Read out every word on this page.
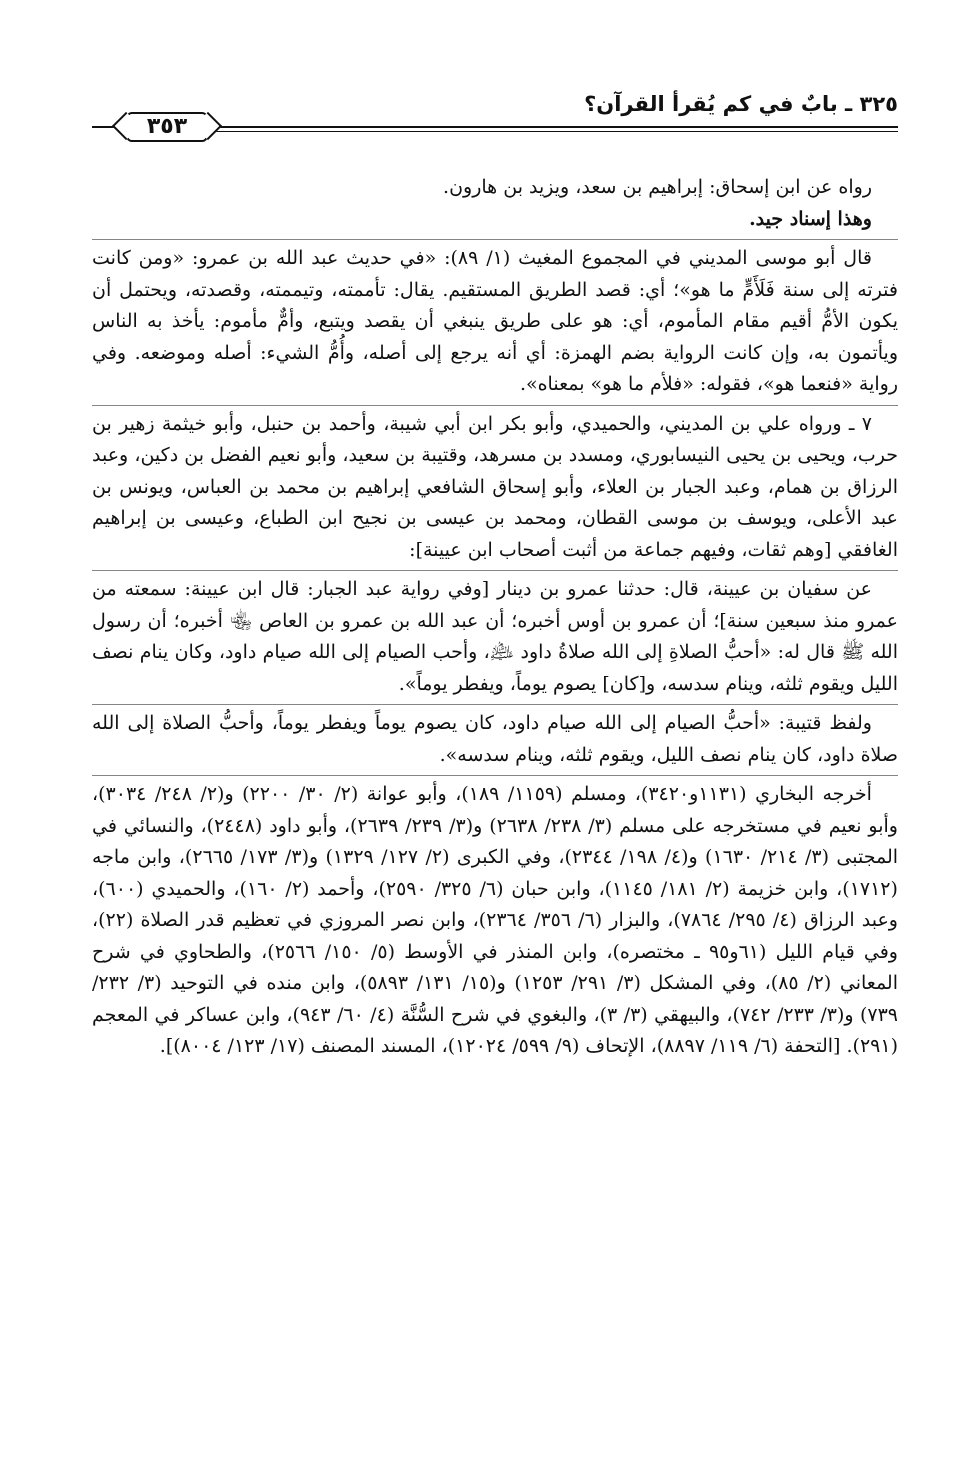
٣٢٥ ـ بابٌ في كم يُقرأ القرآن؟
٣٥٣

رواه عن ابن إسحاق: إبراهيم بن سعد، ويزيد بن هارون.

وهذا إسناد جيد.

قال أبو موسى المديني في المجموع المغيث (١/ ٨٩): «في حديث عبد الله بن عمرو: «ومن كانت فترته إلى سنة فَلَأَمٍّ ما هو»؛ أي: قصد الطريق المستقيم. يقال: تأممته، وتيممته، وقصدته، ويحتمل أن يكون الأمُّ أقيم مقام المأموم، أي: هو على طريق ينبغي أن يقصد ويتبع، وأمٌّ مأموم: يأخذ به الناس ويأتمون به، وإن كانت الرواية بضم الهمزة: أي أنه يرجع إلى أصله، وأُمُّ الشيء: أصله وموضعه. وفي رواية «فنعما هو»، فقوله: «فلأم ما هو» بمعناه».

٧ ـ ورواه علي بن المديني، والحميدي، وأبو بكر ابن أبي شيبة، وأحمد بن حنبل، وأبو خيثمة زهير بن حرب، ويحيى بن يحيى النيسابوري، ومسدد بن مسرهد، وقتيبة بن سعيد، وأبو نعيم الفضل بن دكين، وعبد الرزاق بن همام، وعبد الجبار بن العلاء، وأبو إسحاق الشافعي إبراهيم بن محمد بن العباس، ويونس بن عبد الأعلى، ويوسف بن موسى القطان، ومحمد بن عيسى بن نجيح ابن الطباع، وعيسى بن إبراهيم الغافقي [وهم ثقات، وفيهم جماعة من أثبت أصحاب ابن عيينة]:

عن سفيان بن عيينة، قال: حدثنا عمرو بن دينار [وفي رواية عبد الجبار: قال ابن عيينة: سمعته من عمرو منذ سبعين سنة]؛ أن عمرو بن أوس أخبره؛ أن عبد الله بن عمرو بن العاص ﵄ أخبره؛ أن رسول الله ﷺ قال له: «أحبُّ الصلاةِ إلى الله صلاةُ داود ﵇، وأحب الصيام إلى الله صيام داود، وكان ينام نصف الليل ويقوم ثلثه، وينام سدسه، و[كان] يصوم يوماً، ويفطر يوماً».

ولفظ قتيبة: «أحبُّ الصيام إلى الله صيام داود، كان يصوم يوماً ويفطر يوماً، وأحبُّ الصلاة إلى الله صلاة داود، كان ينام نصف الليل، ويقوم ثلثه، وينام سدسه».

أخرجه البخاري (١١٣١و٣٤٢٠)، ومسلم (١١٥٩/ ١٨٩)، وأبو عوانة (٢/ ٣٠/ ٢٢٠٠) و(٢/ ٢٤٨/ ٣٠٣٤)، وأبو نعيم في مستخرجه على مسلم (٣/ ٢٣٨/ ٢٦٣٨) و(٣/ ٢٣٩/ ٢٦٣٩)، وأبو داود (٢٤٤٨)، والنسائي في المجتبى (٣/ ٢١٤/ ١٦٣٠) و(٤/ ١٩٨/ ٢٣٤٤)، وفي الكبرى (٢/ ١٢٧/ ١٣٢٩) و(٣/ ١٧٣/ ٢٦٦٥)، وابن ماجه (١٧١٢)، وابن خزيمة (٢/ ١٨١/ ١١٤٥)، وابن حبان (٦/ ٣٢٥/ ٢٥٩٠)، وأحمد (٢/ ١٦٠)، والحميدي (٦٠٠)، وعبد الرزاق (٤/ ٢٩٥/ ٧٨٦٤)، والبزار (٦/ ٣٥٦/ ٢٣٦٤)، وابن نصر المروزي في تعظيم قدر الصلاة (٢٢)، وفي قيام الليل (٦١و٩٥ ـ مختصره)، وابن المنذر في الأوسط (٥/ ١٥٠/ ٢٥٦٦)، والطحاوي في شرح المعاني (٢/ ٨٥)، وفي المشكل (٣/ ٢٩١/ ١٢٥٣) و(١٥/ ١٣١/ ٥٨٩٣)، وابن منده في التوحيد (٣/ ٢٣٢/ ٧٣٩) و(٣/ ٢٣٣/ ٧٤٢)، والبيهقي (٣/ ٣)، والبغوي في شرح السُّنَّة (٤/ ٦٠/ ٩٤٣)، وابن عساكر في المعجم (٢٩١). [التحفة (٦/ ١١٩/ ٨٨٩٧)، الإتحاف (٩/ ٥٩٩/ ١٢٠٢٤)، المسند المصنف (١٧/ ١٢٣/ ٨٠٠٤)].
